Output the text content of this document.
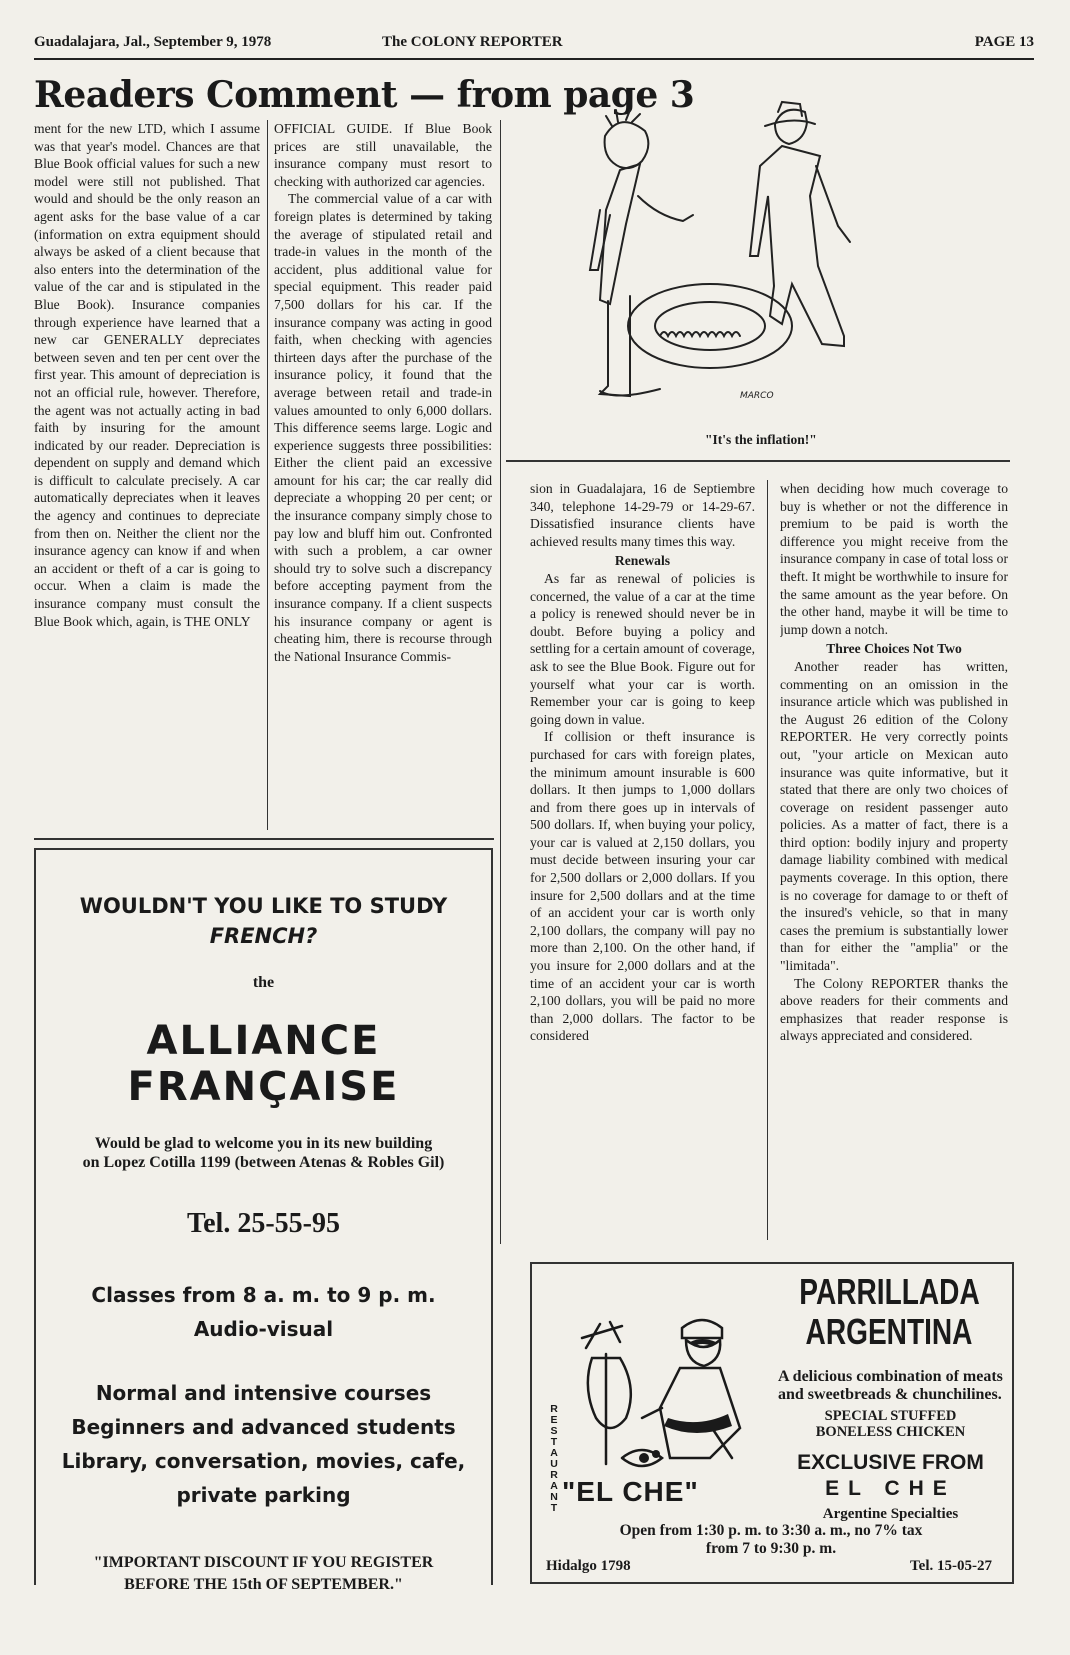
Guadalajara, Jal., September 9, 1978	The COLONY REPORTER	PAGE 13
Readers Comment — from page 3

ment for the new LTD, which I assume was that year's model. Chances are that Blue Book official values for such a new model were still not published. That would and should be the only reason an agent asks for the base value of a car (information on extra equipment should always be asked of a client because that also enters into the determination of the value of the car and is stipulated in the Blue Book). Insurance companies through experience have learned that a new car GENERALLY depreciates between seven and ten per cent over the first year. This amount of depreciation is not an official rule, however. Therefore, the agent was not actually acting in bad faith by insuring for the amount indicated by our reader. Depreciation is dependent on supply and demand which is difficult to calculate precisely. A car automatically depreciates when it leaves the agency and continues to depreciate from then on. Neither the client nor the insurance agency can know if and when an accident or theft of a car is going to occur. When a claim is made the insurance company must consult the Blue Book which, again, is THE ONLY

OFFICIAL GUIDE. If Blue Book prices are still unavailable, the insurance company must resort to checking with authorized car agencies.

The commercial value of a car with foreign plates is determined by taking the average of stipulated retail and trade-in values in the month of the accident, plus additional value for special equipment. This reader paid 7,500 dollars for his car. If the insurance company was acting in good faith, when checking with agencies thirteen days after the purchase of the insurance policy, it found that the average between retail and trade-in values amounted to only 6,000 dollars. This difference seems large. Logic and experience suggests three possibilities: Either the client paid an excessive amount for his car; the car really did depreciate a whopping 20 per cent; or the insurance company simply chose to pay low and bluff him out. Confronted with such a problem, a car owner should try to solve such a discrepancy before accepting payment from the insurance company. If a client suspects his insurance company or agent is cheating him, there is recourse through the National Insurance Commis-

MARCO
"It's the inflation!"

sion in Guadalajara, 16 de Septiembre 340, telephone 14-29-79 or 14-29-67. Dissatisfied insurance clients have achieved results many times this way.

Renewals

As far as renewal of policies is concerned, the value of a car at the time a policy is renewed should never be in doubt. Before buying a policy and settling for a certain amount of coverage, ask to see the Blue Book. Figure out for yourself what your car is worth. Remember your car is going to keep going down in value.

If collision or theft insurance is purchased for cars with foreign plates, the minimum amount insurable is 600 dollars. It then jumps to 1,000 dollars and from there goes up in intervals of 500 dollars. If, when buying your policy, your car is valued at 2,150 dollars, you must decide between insuring your car for 2,500 dollars or 2,000 dollars. If you insure for 2,500 dollars and at the time of an accident your car is worth only 2,100 dollars, the company will pay no more than 2,100. On the other hand, if you insure for 2,000 dollars and at the time of an accident your car is worth 2,100 dollars, you will be paid no more than 2,000 dollars. The factor to be considered

when deciding how much coverage to buy is whether or not the difference in premium to be paid is worth the difference you might receive from the insurance company in case of total loss or theft. It might be worthwhile to insure for the same amount as the year before. On the other hand, maybe it will be time to jump down a notch.

Three Choices Not Two

Another reader has written, commenting on an omission in the insurance article which was published in the August 26 edition of the Colony REPORTER. He very correctly points out, "your article on Mexican auto insurance was quite informative, but it stated that there are only two choices of coverage on resident passenger auto policies. As a matter of fact, there is a third option: bodily injury and property damage liability combined with medical payments coverage. In this option, there is no coverage for damage to or theft of the insured's vehicle, so that in many cases the premium is substantially lower than for either the "amplia" or the "limitada".

The Colony REPORTER thanks the above readers for their comments and emphasizes that reader response is always appreciated and considered.

WOULDN'T YOU LIKE TO STUDY
FRENCH?
the
ALLIANCE FRANÇAISE
Would be glad to welcome you in its new building
on Lopez Cotilla 1199 (between Atenas & Robles Gil)
Tel. 25-55-95
Classes from 8 a. m. to 9 p. m.
Audio-visual
Normal and intensive courses
Beginners and advanced students
Library, conversation, movies, cafe,
private parking
"IMPORTANT DISCOUNT IF YOU REGISTER
BEFORE THE 15th OF SEPTEMBER."
PARRILLADA
ARGENTINA
RESTAURANT
"EL CHE"
A delicious combination of meats and sweetbreads & chunchilines.
SPECIAL STUFFED
BONELESS CHICKEN
EXCLUSIVE FROM
EL CHE
Argentine Specialties
Open from 1:30 p. m. to 3:30 a. m., no 7% tax
from 7 to 9:30 p. m.
Hidalgo 1798	Tel. 15-05-27
